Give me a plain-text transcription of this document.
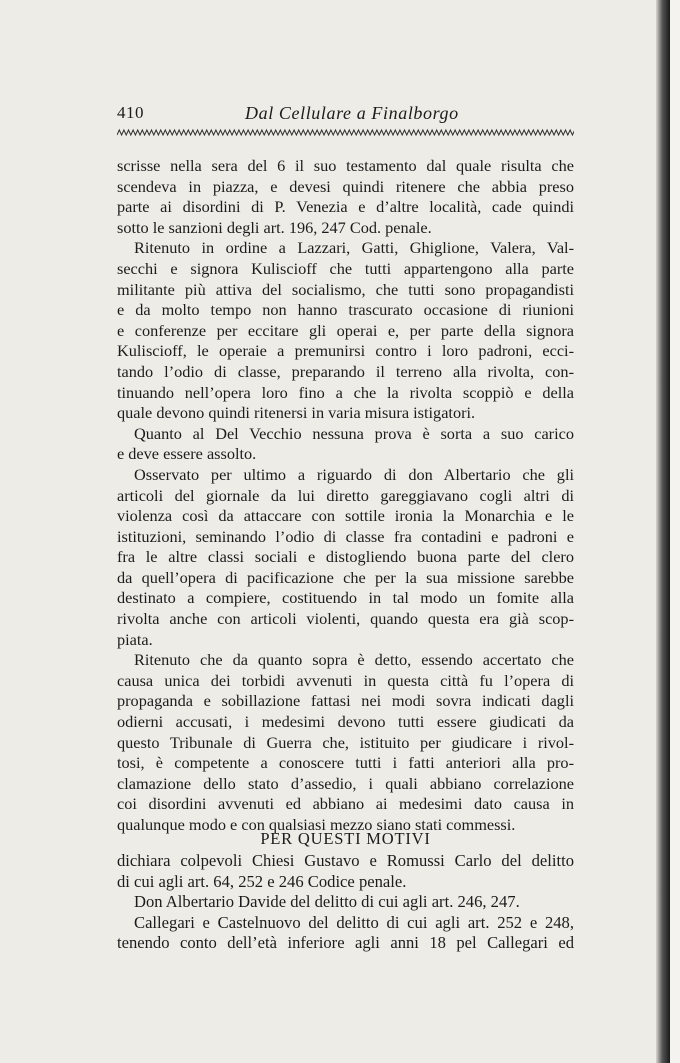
410	Dal Cellulare a Finalborgo
scrisse nella sera del 6 il suo testamento dal quale risulta che
scendeva in piazza, e devesi quindi ritenere che abbia preso
parte ai disordini di P. Venezia e d’altre località, cade quindi
sotto le sanzioni degli art. 196, 247 Cod. penale.
Ritenuto in ordine a Lazzari, Gatti, Ghiglione, Valera, Val-
secchi e signora Kuliscioff che tutti appartengono alla parte
militante più attiva del socialismo, che tutti sono propagandisti
e da molto tempo non hanno trascurato occasione di riunioni
e conferenze per eccitare gli operai e, per parte della signora
Kuliscioff, le operaie a premunirsi contro i loro padroni, ecci-
tando l’odio di classe, preparando il terreno alla rivolta, con-
tinuando nell’opera loro fino a che la rivolta scoppiò e della
quale devono quindi ritenersi in varia misura istigatori.
Quanto al Del Vecchio nessuna prova è sorta a suo carico
e deve essere assolto.
Osservato per ultimo a riguardo di don Albertario che gli
articoli del giornale da lui diretto gareggiavano cogli altri di
violenza così da attaccare con sottile ironia la Monarchia e le
istituzioni, seminando l’odio di classe fra contadini e padroni e
fra le altre classi sociali e distogliendo buona parte del clero
da quell’opera di pacificazione che per la sua missione sarebbe
destinato a compiere, costituendo in tal modo un fomite alla
rivolta anche con articoli violenti, quando questa era già scop-
piata.
Ritenuto che da quanto sopra è detto, essendo accertato che
causa unica dei torbidi avvenuti in questa città fu l’opera di
propaganda e sobillazione fattasi nei modi sovra indicati dagli
odierni accusati, i medesimi devono tutti essere giudicati da
questo Tribunale di Guerra che, istituito per giudicare i rivol-
tosi, è competente a conoscere tutti i fatti anteriori alla pro-
clamazione dello stato d’assedio, i quali abbiano correlazione
coi disordini avvenuti ed abbiano ai medesimi dato causa in
qualunque modo e con qualsiasi mezzo siano stati commessi.
PER QUESTI MOTIVI
dichiara colpevoli Chiesi Gustavo e Romussi Carlo del delitto
di cui agli art. 64, 252 e 246 Codice penale.
Don Albertario Davide del delitto di cui agli art. 246, 247.
Callegari e Castelnuovo del delitto di cui agli art. 252 e 248,
tenendo conto dell’età inferiore agli anni 18 pel Callegari ed
